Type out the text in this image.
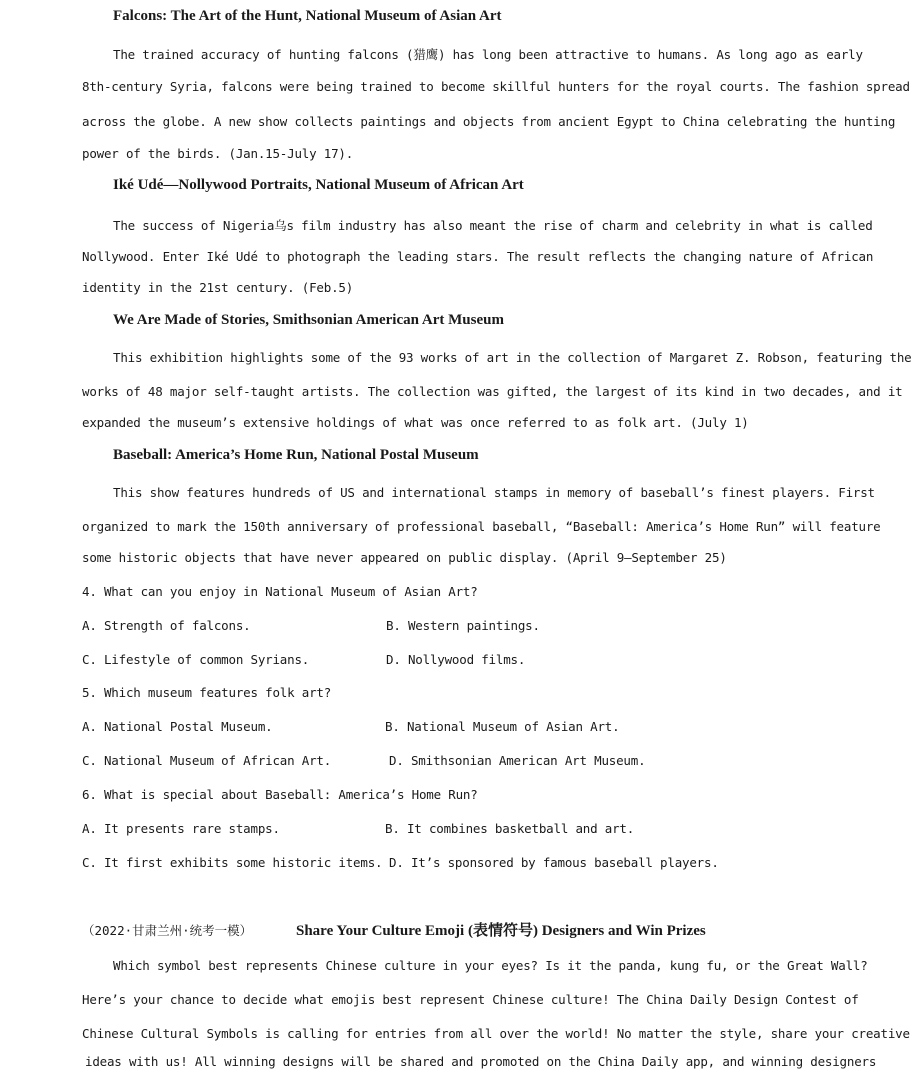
Falcons: The Art of the Hunt, National Museum of Asian Art
The trained accuracy of hunting falcons (猎鹰) has long been attractive to humans. As long ago as early
8th-century Syria, falcons were being trained to become skillful hunters for the royal courts. The fashion spread
across the globe. A new show collects paintings and objects from ancient Egypt to China celebrating the hunting
power of the birds. (Jan.15-July 17).
Iké Udé—Nollywood Portraits, National Museum of African Art
The success of Nigeria乌s film industry has also meant the rise of charm and celebrity in what is called
Nollywood. Enter Iké Udé to photograph the leading stars. The result reflects the changing nature of African
identity in the 21st century. (Feb.5)
We Are Made of Stories, Smithsonian American Art Museum
This exhibition highlights some of the 93 works of art in the collection of Margaret Z. Robson, featuring the
works of 48 major self-taught artists. The collection was gifted, the largest of its kind in two decades, and it
expanded the museum’s extensive holdings of what was once referred to as folk art. (July 1)
Baseball: America’s Home Run, National Postal Museum
This show features hundreds of US and international stamps in memory of baseball’s finest players. First
organized to mark the 150th anniversary of professional baseball, “Baseball: America’s Home Run” will feature
some historic objects that have never appeared on public display. (April 9—September 25)
4. What can you enjoy in National Museum of Asian Art?
A. Strength of falcons.	B. Western paintings.
C. Lifestyle of common Syrians.	D. Nollywood films.
5. Which museum features folk art?
A. National Postal Museum.	B. National Museum of Asian Art.
C. National Museum of African Art.	D. Smithsonian American Art Museum.
6. What is special about Baseball: America’s Home Run?
A. It presents rare stamps.	B. It combines basketball and art.
C. It first exhibits some historic items. D. It’s sponsored by famous baseball players.
（2022·甘肃兰州·统考一模）	Share Your Culture Emoji (表情符号) Designers and Win Prizes
Which symbol best represents Chinese culture in your eyes? Is it the panda, kung fu, or the Great Wall?
Here’s your chance to decide what emojis best represent Chinese culture! The China Daily Design Contest of
Chinese Cultural Symbols is calling for entries from all over the world! No matter the style, share your creative
ideas with us! All winning designs will be shared and promoted on the China Daily app, and winning designers
